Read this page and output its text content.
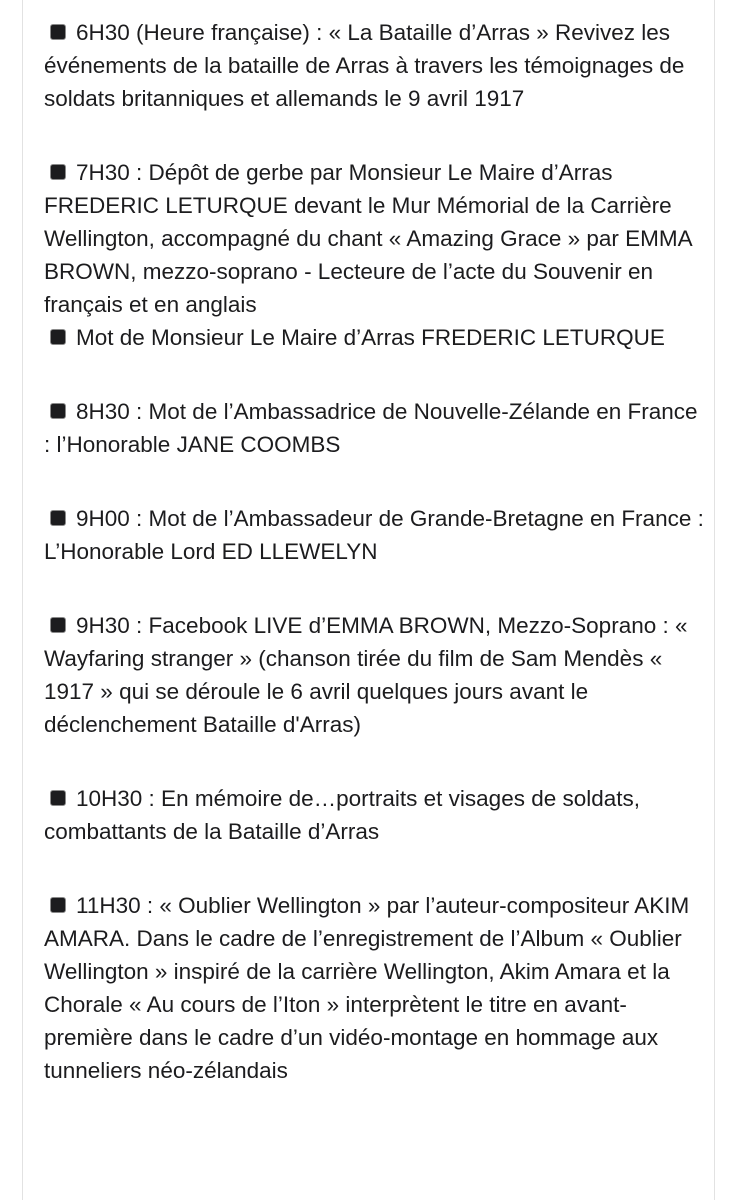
6H30 (Heure française) : « La Bataille d’Arras » Revivez les événements de la bataille de Arras à travers les témoignages de soldats britanniques et allemands le 9 avril 1917

7H30 : Dépôt de gerbe par Monsieur Le Maire d’Arras FREDERIC LETURQUE devant le Mur Mémorial de la Carrière Wellington, accompagné du chant « Amazing Grace » par EMMA BROWN, mezzo-soprano - Lecteure de l’acte du Souvenir en français et en anglais

Mot de Monsieur Le Maire d’Arras FREDERIC LETURQUE

8H30 : Mot de l’Ambassadrice de Nouvelle-Zélande en France : l’Honorable JANE COOMBS

9H00 : Mot de l’Ambassadeur de Grande-Bretagne en France : L’Honorable Lord ED LLEWELYN

9H30 : Facebook LIVE d’EMMA BROWN, Mezzo-Soprano : « Wayfaring stranger » (chanson tirée du film de Sam Mendès « 1917 » qui se déroule le 6 avril quelques jours avant le déclenchement Bataille d'Arras)

10H30 : En mémoire de…portraits et visages de soldats, combattants de la Bataille d’Arras

11H30 : « Oublier Wellington » par l’auteur-compositeur AKIM AMARA. Dans le cadre de l’enregistrement de l’Album « Oublier Wellington » inspiré de la carrière Wellington, Akim Amara et la Chorale « Au cours de l’Iton » interprètent le titre en avant-première dans le cadre d’un vidéo-montage en hommage aux tunneliers néo-zélandais
